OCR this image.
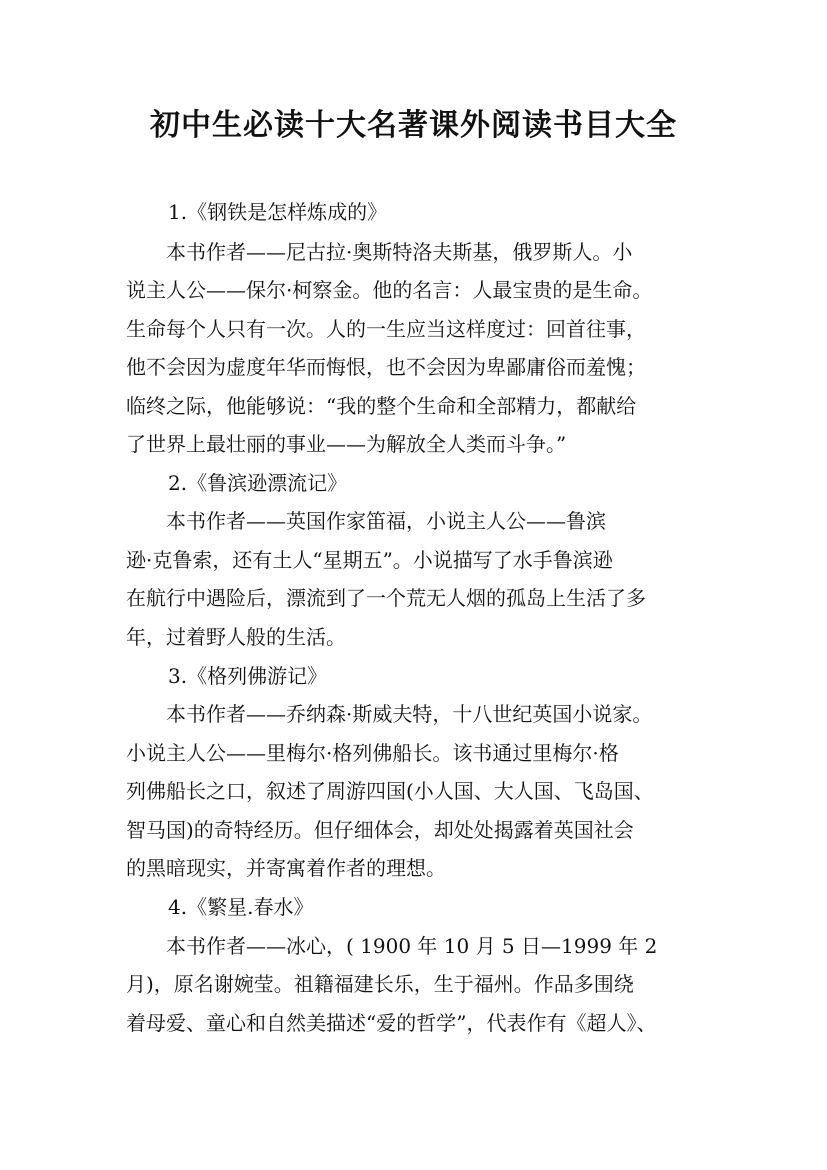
初中生必读十大名著课外阅读书目大全
1.《钢铁是怎样炼成的》
　　本书作者——尼古拉·奥斯特洛夫斯基，俄罗斯人。小
说主人公——保尔·柯察金。他的名言：人最宝贵的是生命。
生命每个人只有一次。人的一生应当这样度过：回首往事，
他不会因为虚度年华而悔恨，也不会因为卑鄙庸俗而羞愧；
临终之际，他能够说：“我的整个生命和全部精力，都献给
了世界上最壮丽的事业——为解放全人类而斗争。”
2.《鲁滨逊漂流记》
　　本书作者——英国作家笛福，小说主人公——鲁滨
逊·克鲁索，还有土人“星期五”。小说描写了水手鲁滨逊
在航行中遇险后，漂流到了一个荒无人烟的孤岛上生活了多
年，过着野人般的生活。
3.《格列佛游记》
　　本书作者——乔纳森·斯威夫特，十八世纪英国小说家。
小说主人公——里梅尔·格列佛船长。该书通过里梅尔·格
列佛船长之口，叙述了周游四国(小人国、大人国、飞岛国、
智马国)的奇特经历。但仔细体会，却处处揭露着英国社会
的黑暗现实，并寄寓着作者的理想。
4.《繁星.春水》
　　本书作者——冰心，( 1900 年 10 月 5 日—1999 年 2
月)，原名谢婉莹。祖籍福建长乐，生于福州。作品多围绕
着母爱、童心和自然美描述“爱的哲学”，代表作有《超人》、
